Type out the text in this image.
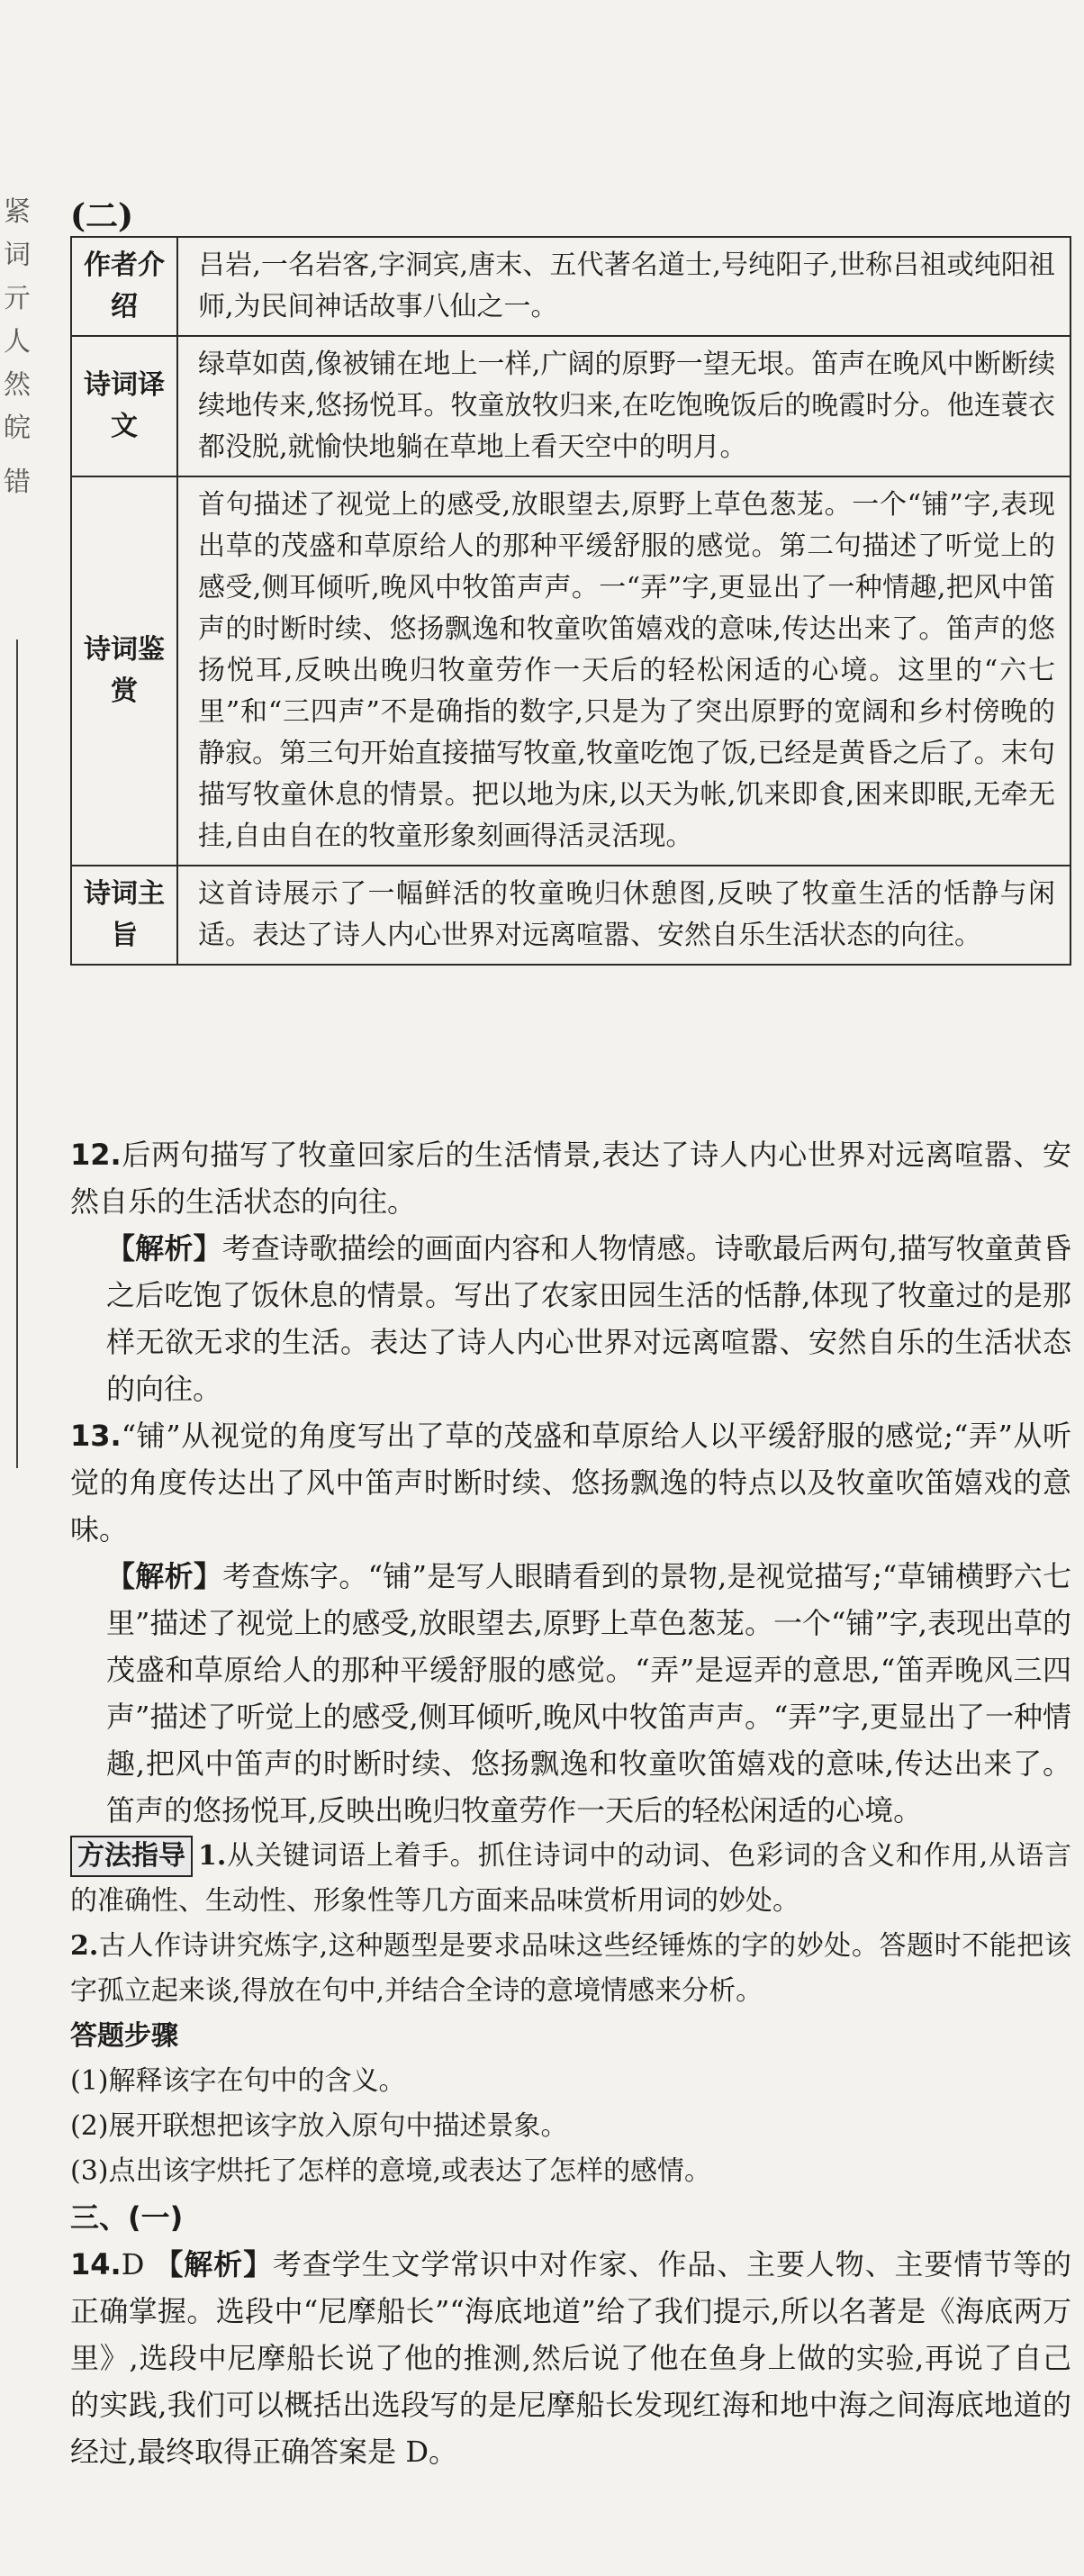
紧
词
亓
人
然
皖
错
(二)
作者介绍	吕岩,一名岩客,字洞宾,唐末、五代著名道士,号纯阳子,世称吕祖或纯阳祖师,为民间神话故事八仙之一。
诗词译文	绿草如茵,像被铺在地上一样,广阔的原野一望无垠。笛声在晚风中断断续续地传来,悠扬悦耳。牧童放牧归来,在吃饱晚饭后的晚霞时分。他连蓑衣都没脱,就愉快地躺在草地上看天空中的明月。
诗词鉴赏	首句描述了视觉上的感受,放眼望去,原野上草色葱茏。一个“铺”字,表现出草的茂盛和草原给人的那种平缓舒服的感觉。第二句描述了听觉上的感受,侧耳倾听,晚风中牧笛声声。一“弄”字,更显出了一种情趣,把风中笛声的时断时续、悠扬飘逸和牧童吹笛嬉戏的意味,传达出来了。笛声的悠扬悦耳,反映出晚归牧童劳作一天后的轻松闲适的心境。这里的“六七里”和“三四声”不是确指的数字,只是为了突出原野的宽阔和乡村傍晚的静寂。第三句开始直接描写牧童,牧童吃饱了饭,已经是黄昏之后了。末句描写牧童休息的情景。把以地为床,以天为帐,饥来即食,困来即眠,无牵无挂,自由自在的牧童形象刻画得活灵活现。
诗词主旨	这首诗展示了一幅鲜活的牧童晚归休憩图,反映了牧童生活的恬静与闲适。表达了诗人内心世界对远离喧嚣、安然自乐生活状态的向往。

12.后两句描写了牧童回家后的生活情景,表达了诗人内心世界对远离喧嚣、安然自乐的生活状态的向往。

【解析】考查诗歌描绘的画面内容和人物情感。诗歌最后两句,描写牧童黄昏之后吃饱了饭休息的情景。写出了农家田园生活的恬静,体现了牧童过的是那样无欲无求的生活。表达了诗人内心世界对远离喧嚣、安然自乐的生活状态的向往。

13.“铺”从视觉的角度写出了草的茂盛和草原给人以平缓舒服的感觉;“弄”从听觉的角度传达出了风中笛声时断时续、悠扬飘逸的特点以及牧童吹笛嬉戏的意味。

【解析】考查炼字。“铺”是写人眼睛看到的景物,是视觉描写;“草铺横野六七里”描述了视觉上的感受,放眼望去,原野上草色葱茏。一个“铺”字,表现出草的茂盛和草原给人的那种平缓舒服的感觉。“弄”是逗弄的意思,“笛弄晚风三四声”描述了听觉上的感受,侧耳倾听,晚风中牧笛声声。“弄”字,更显出了一种情趣,把风中笛声的时断时续、悠扬飘逸和牧童吹笛嬉戏的意味,传达出来了。笛声的悠扬悦耳,反映出晚归牧童劳作一天后的轻松闲适的心境。

方法指导 1.从关键词语上着手。抓住诗词中的动词、色彩词的含义和作用,从语言的准确性、生动性、形象性等几方面来品味赏析用词的妙处。

2.古人作诗讲究炼字,这种题型是要求品味这些经锤炼的字的妙处。答题时不能把该字孤立起来谈,得放在句中,并结合全诗的意境情感来分析。

答题步骤

(1)解释该字在句中的含义。

(2)展开联想把该字放入原句中描述景象。

(3)点出该字烘托了怎样的意境,或表达了怎样的感情。

三、(一)

14.D 【解析】考查学生文学常识中对作家、作品、主要人物、主要情节等的正确掌握。选段中“尼摩船长”“海底地道”给了我们提示,所以名著是《海底两万里》,选段中尼摩船长说了他的推测,然后说了他在鱼身上做的实验,再说了自己的实践,我们可以概括出选段写的是尼摩船长发现红海和地中海之间海底地道的经过,最终取得正确答案是 D。
